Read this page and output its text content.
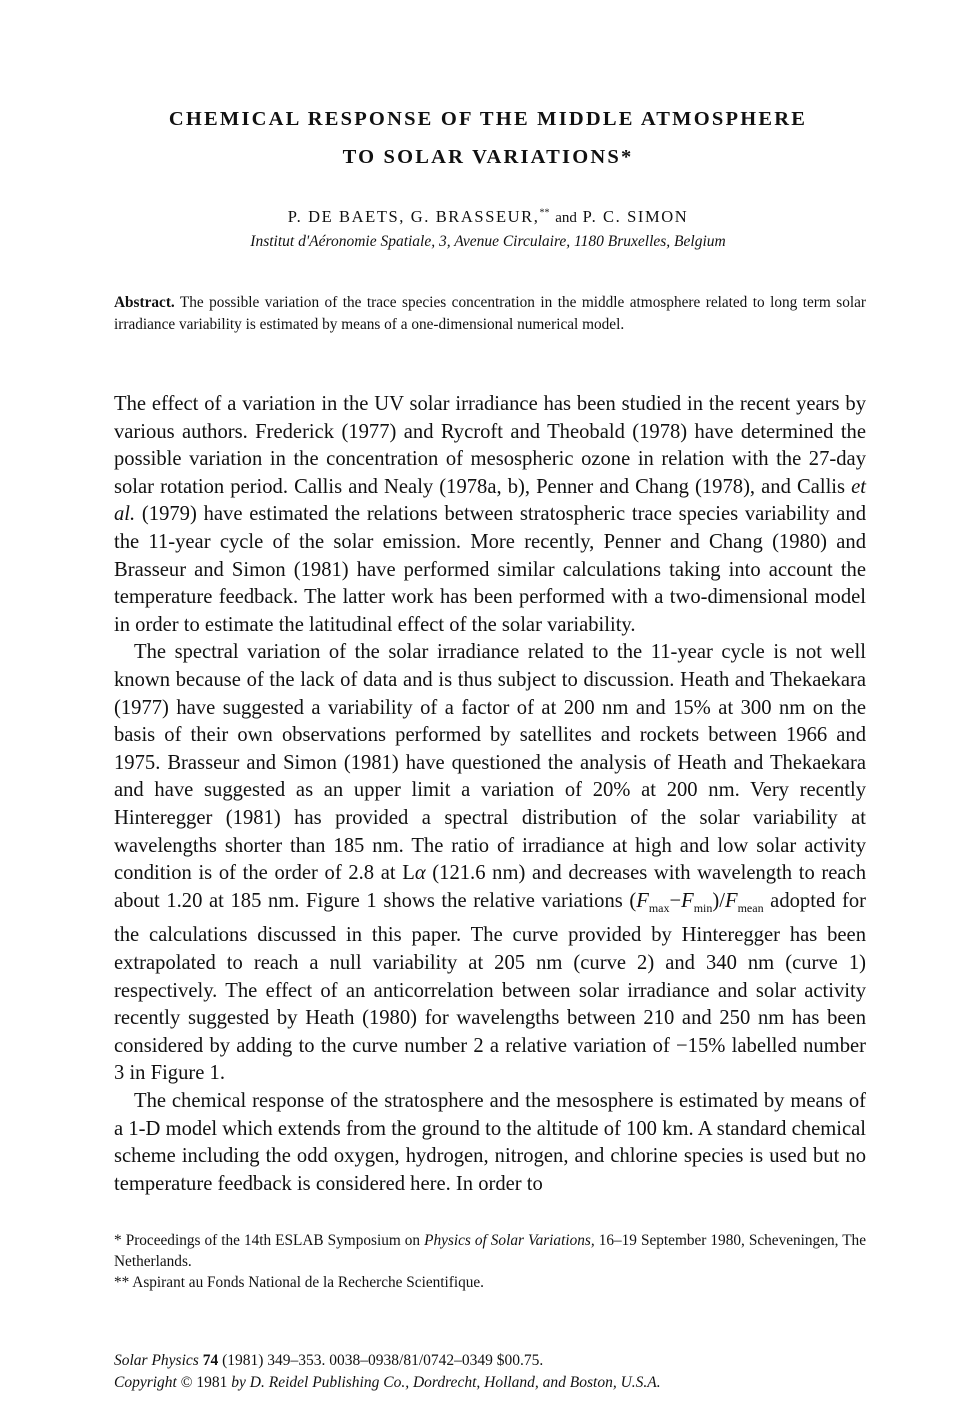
CHEMICAL RESPONSE OF THE MIDDLE ATMOSPHERE
TO SOLAR VARIATIONS*
P. DE BAETS, G. BRASSEUR,** and P. C. SIMON
Institut d'Aéronomie Spatiale, 3, Avenue Circulaire, 1180 Bruxelles, Belgium
Abstract. The possible variation of the trace species concentration in the middle atmosphere related to long term solar irradiance variability is estimated by means of a one-dimensional numerical model.

The effect of a variation in the UV solar irradiance has been studied in the recent years by various authors. Frederick (1977) and Rycroft and Theobald (1978) have determined the possible variation in the concentration of mesospheric ozone in relation with the 27-day solar rotation period. Callis and Nealy (1978a, b), Penner and Chang (1978), and Callis et al. (1979) have estimated the relations between stratospheric trace species variability and the 11-year cycle of the solar emission. More recently, Penner and Chang (1980) and Brasseur and Simon (1981) have performed similar calculations taking into account the temperature feedback. The latter work has been performed with a two-dimensional model in order to estimate the latitudinal effect of the solar variability.

The spectral variation of the solar irradiance related to the 11-year cycle is not well known because of the lack of data and is thus subject to discussion. Heath and Thekaekara (1977) have suggested a variability of a factor of at 200 nm and 15% at 300 nm on the basis of their own observations performed by satellites and rockets between 1966 and 1975. Brasseur and Simon (1981) have questioned the analysis of Heath and Thekaekara and have suggested as an upper limit a variation of 20% at 200 nm. Very recently Hinteregger (1981) has provided a spectral distribution of the solar variability at wavelengths shorter than 185 nm. The ratio of irradiance at high and low solar activity condition is of the order of 2.8 at Lα (121.6 nm) and decreases with wavelength to reach about 1.20 at 185 nm. Figure 1 shows the relative variations $(F_{max}-F_{min})/F_{mean}$ adopted for the calculations discussed in this paper. The curve provided by Hinteregger has been extrapolated to reach a null variability at 205 nm (curve 2) and 340 nm (curve 1) respectively. The effect of an anticorrelation between solar irradiance and solar activity recently suggested by Heath (1980) for wavelengths between 210 and 250 nm has been considered by adding to the curve number 2 a relative variation of −15% labelled number 3 in Figure 1.

The chemical response of the stratosphere and the mesosphere is estimated by means of a 1-D model which extends from the ground to the altitude of 100 km. A standard chemical scheme including the odd oxygen, hydrogen, nitrogen, and chlorine species is used but no temperature feedback is considered here. In order to

* Proceedings of the 14th ESLAB Symposium on Physics of Solar Variations, 16–19 September 1980, Scheveningen, The Netherlands.

** Aspirant au Fonds National de la Recherche Scientifique.

Solar Physics 74 (1981) 349–353. 0038–0938/81/0742–0349 $00.75.

Copyright © 1981 by D. Reidel Publishing Co., Dordrecht, Holland, and Boston, U.S.A.
